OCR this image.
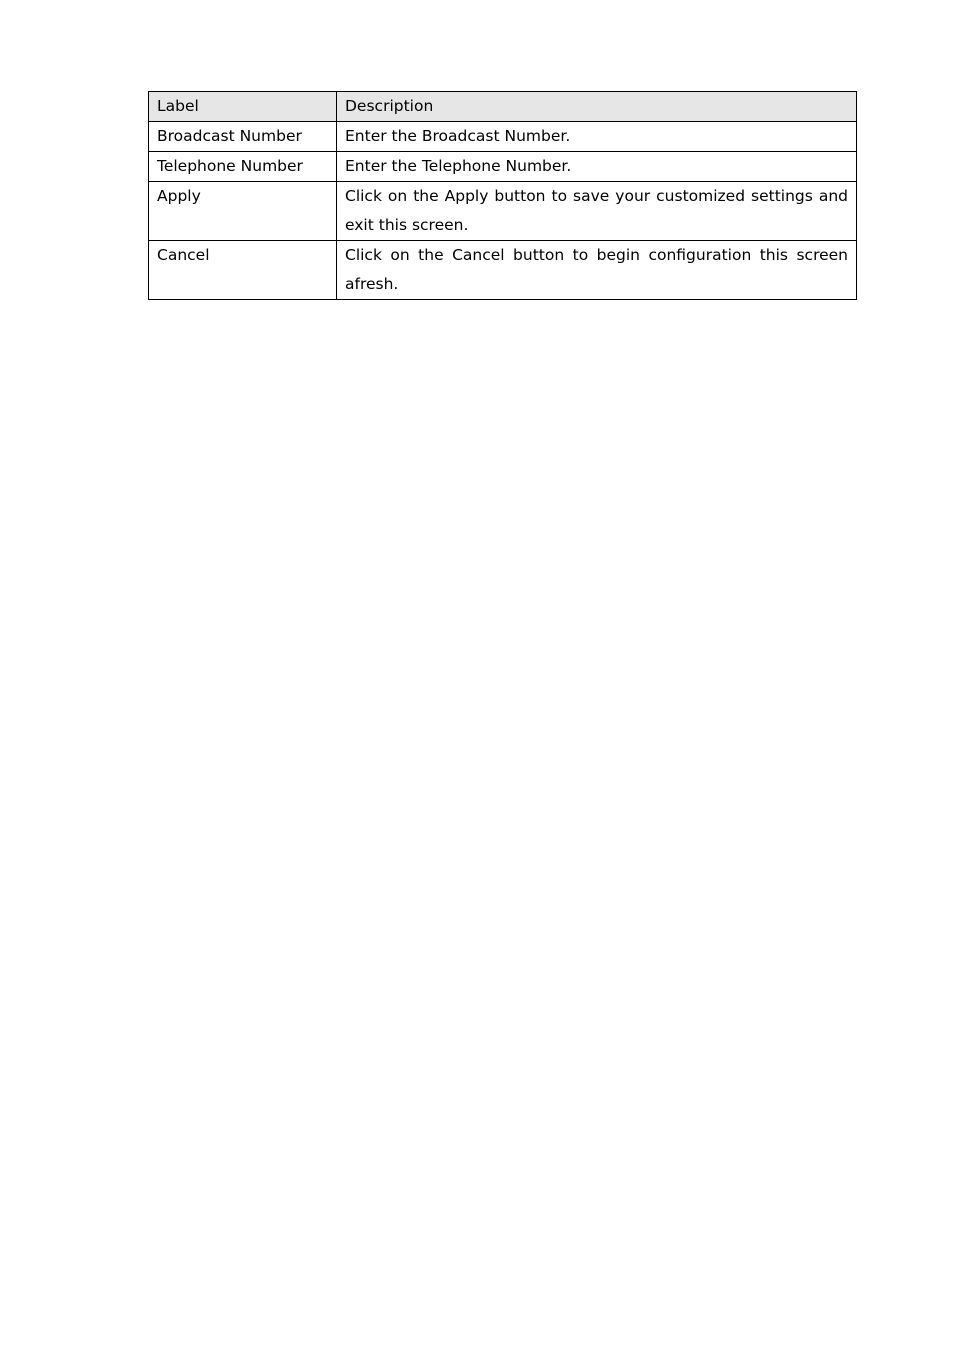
Label	Description
Broadcast Number	Enter the Broadcast Number.
Telephone Number	Enter the Telephone Number.
Apply	Click on the Apply button to save your customized settings and exit this screen.
Cancel	Click on the Cancel button to begin configuration this screen afresh.
